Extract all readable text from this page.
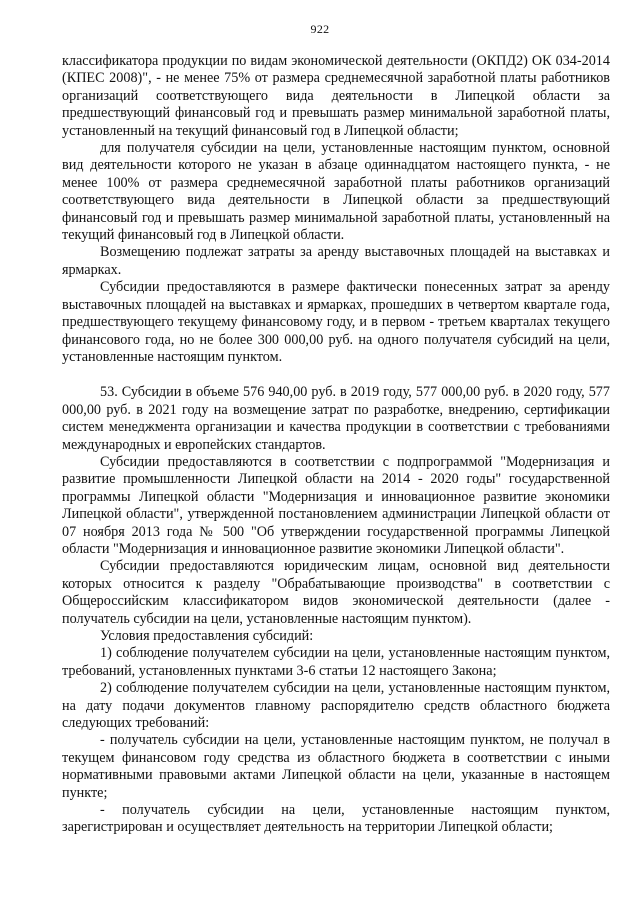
922

классификатора продукции по видам экономической деятельности (ОКПД2) ОК 034-2014 (КПЕС 2008)", - не менее 75% от размера среднемесячной заработной платы работников организаций соответствующего вида деятельности в Липецкой области за предшествующий финансовый год и превышать размер минимальной заработной платы, установленный на текущий финансовый год в Липецкой области;

для получателя субсидии на цели, установленные настоящим пунктом, основной вид деятельности которого не указан в абзаце одиннадцатом настоящего пункта, - не менее 100% от размера среднемесячной заработной платы работников организаций соответствующего вида деятельности в Липецкой области за предшествующий финансовый год и превышать размер минимальной заработной платы, установленный на текущий финансовый год в Липецкой области.

Возмещению подлежат затраты за аренду выставочных площадей на выставках и ярмарках.

Субсидии предоставляются в размере фактически понесенных затрат за аренду выставочных площадей на выставках и ярмарках, прошедших в четвертом квартале года, предшествующего текущему финансовому году, и в первом - третьем кварталах текущего финансового года, но не более 300 000,00 руб. на одного получателя субсидий на цели, установленные настоящим пунктом.

53. Субсидии в объеме 576 940,00 руб. в 2019 году, 577 000,00 руб. в 2020 году, 577 000,00 руб. в 2021 году на возмещение затрат по разработке, внедрению, сертификации систем менеджмента организации и качества продукции в соответствии с требованиями международных и европейских стандартов.

Субсидии предоставляются в соответствии с подпрограммой "Модернизация и развитие промышленности Липецкой области на 2014 - 2020 годы" государственной программы Липецкой области "Модернизация и инновационное развитие экономики Липецкой области", утвержденной постановлением администрации Липецкой области от 07 ноября 2013 года № 500 "Об утверждении государственной программы Липецкой области "Модернизация и инновационное развитие экономики Липецкой области".

Субсидии предоставляются юридическим лицам, основной вид деятельности которых относится к разделу "Обрабатывающие производства" в соответствии с Общероссийским классификатором видов экономической деятельности (далее - получатель субсидии на цели, установленные настоящим пунктом).

Условия предоставления субсидий:

1) соблюдение получателем субсидии на цели, установленные настоящим пунктом, требований, установленных пунктами 3-6 статьи 12 настоящего Закона;

2) соблюдение получателем субсидии на цели, установленные настоящим пунктом, на дату подачи документов главному распорядителю средств областного бюджета следующих требований:

- получатель субсидии на цели, установленные настоящим пунктом, не получал в текущем финансовом году средства из областного бюджета в соответствии с иными нормативными правовыми актами Липецкой области на цели, указанные в настоящем пункте;

- получатель субсидии на цели, установленные настоящим пунктом, зарегистрирован и осуществляет деятельность на территории Липецкой области;
